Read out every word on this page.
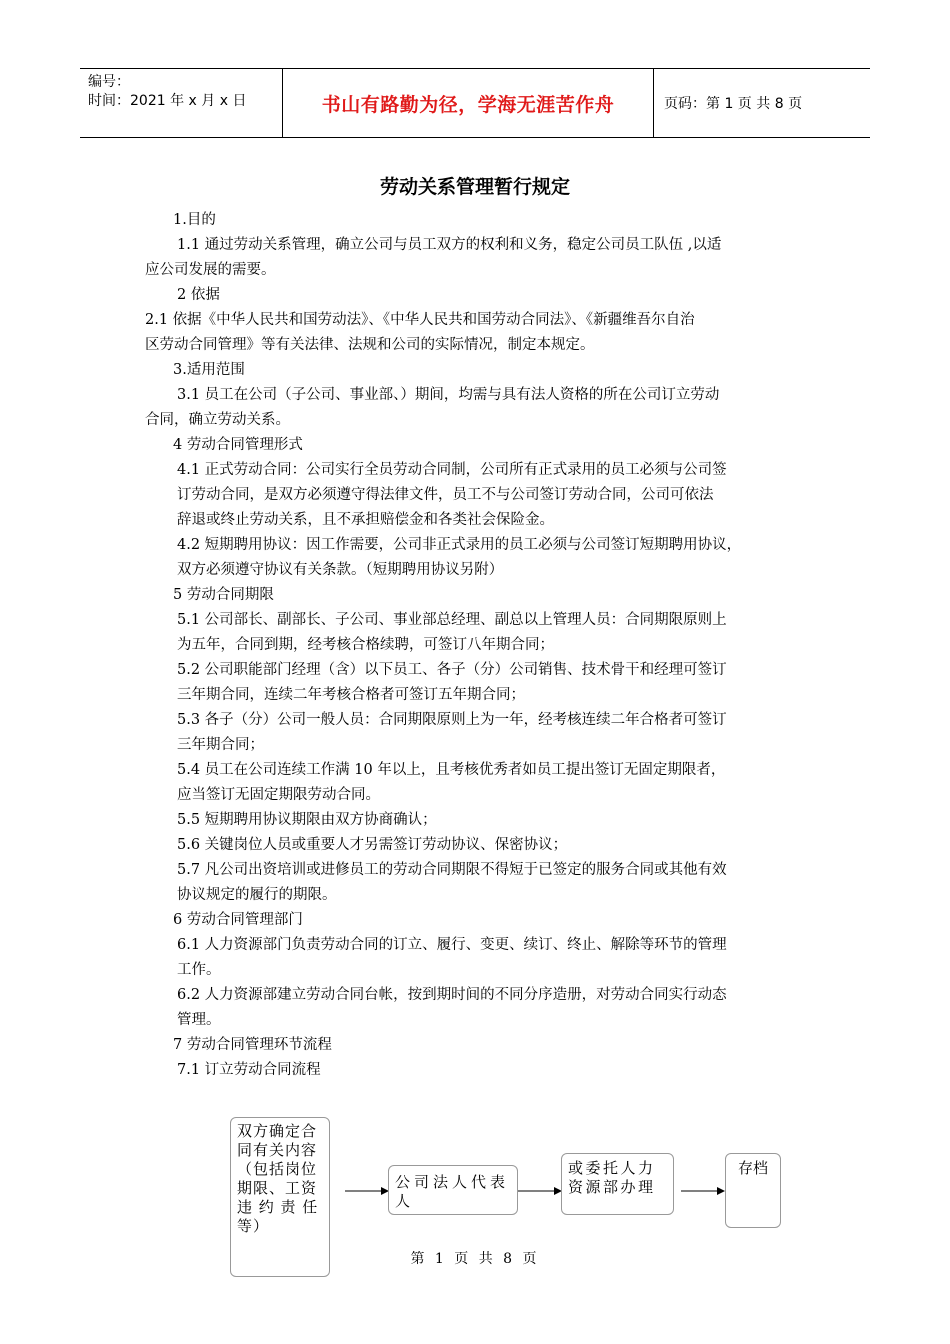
编号：
时间：2021 年 x 月 x 日	书山有路勤为径，学海无涯苦作舟	页码：第 1 页 共 8 页
劳动关系管理暂行规定
1.目的
1.1 通过劳动关系管理，确立公司与员工双方的权利和义务，稳定公司员工队伍 ,以适
应公司发展的需要。
2 依据
2.1 依据《中华人民共和国劳动法》、《中华人民共和国劳动合同法》、《新疆维吾尔自治
区劳动合同管理》等有关法律、法规和公司的实际情况，制定本规定。
3.适用范围
3.1 员工在公司（子公司、事业部、）期间，均需与具有法人资格的所在公司订立劳动
合同，确立劳动关系。
4 劳动合同管理形式
4.1 正式劳动合同：公司实行全员劳动合同制，公司所有正式录用的员工必须与公司签
订劳动合同，是双方必须遵守得法律文件，员工不与公司签订劳动合同，公司可依法
辞退或终止劳动关系，且不承担赔偿金和各类社会保险金。
4.2 短期聘用协议：因工作需要，公司非正式录用的员工必须与公司签订短期聘用协议，
双方必须遵守协议有关条款。（短期聘用协议另附）
5 劳动合同期限
5.1 公司部长、副部长、子公司、事业部总经理、副总以上管理人员：合同期限原则上
为五年，合同到期，经考核合格续聘，可签订八年期合同；
5.2 公司职能部门经理（含）以下员工、各子（分）公司销售、技术骨干和经理可签订
三年期合同，连续二年考核合格者可签订五年期合同；
5.3 各子（分）公司一般人员：合同期限原则上为一年，经考核连续二年合格者可签订
三年期合同；
5.4 员工在公司连续工作满 10 年以上，且考核优秀者如员工提出签订无固定期限者，
应当签订无固定期限劳动合同。
5.5 短期聘用协议期限由双方协商确认；
5.6 关键岗位人员或重要人才另需签订劳动协议、保密协议；
5.7 凡公司出资培训或进修员工的劳动合同期限不得短于已签定的服务合同或其他有效
协议规定的履行的期限。
6 劳动合同管理部门
6.1 人力资源部门负责劳动合同的订立、履行、变更、续订、终止、解除等环节的管理
工作。
6.2 人力资源部建立劳动合同台帐，按到期时间的不同分序造册，对劳动合同实行动态
管理。
7 劳动合同管理环节流程
7.1 订立劳动合同流程
双方确定合
同有关内容
（包括岗位
期限、工资
违 约 责 任
等）
公司法人代表
人
或委托人力
资源部办理
存档
第 1 页 共 8 页
